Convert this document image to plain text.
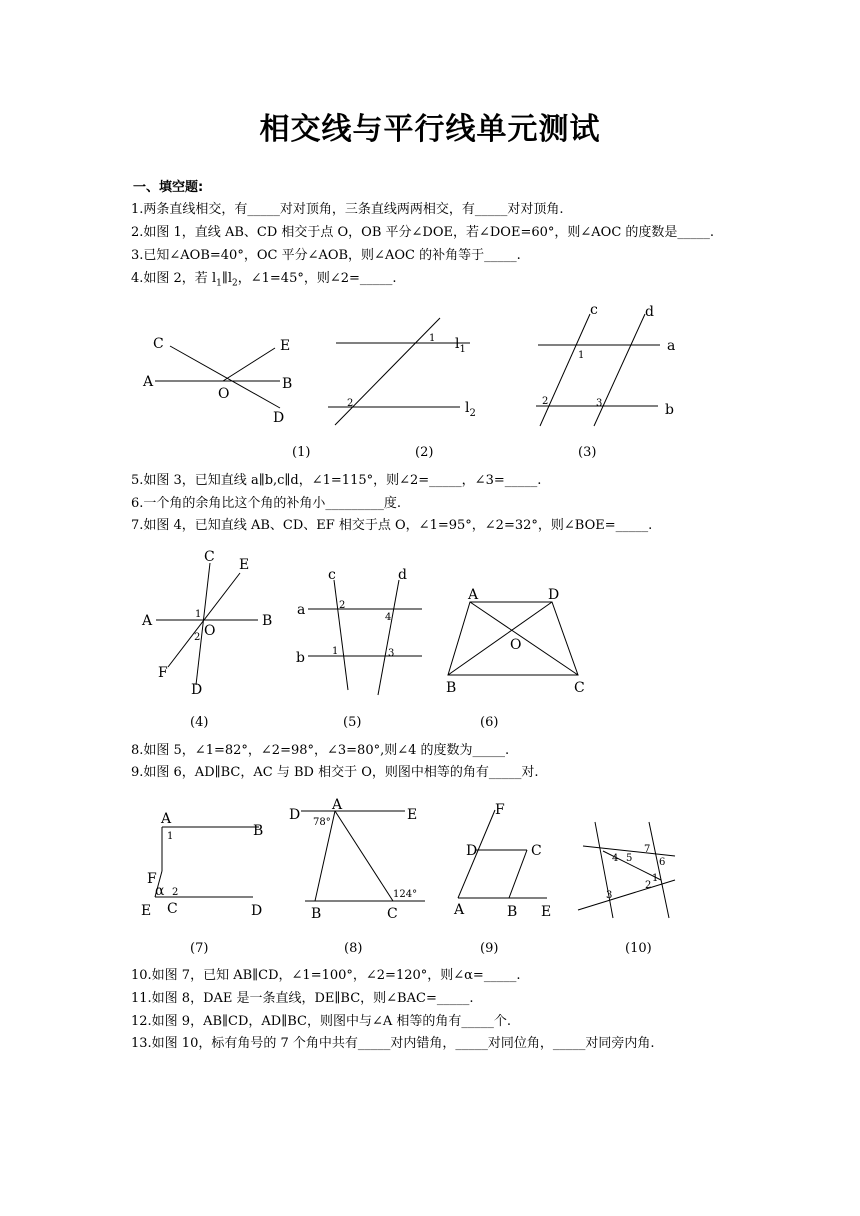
相交线与平行线单元测试
一、填空题:
1.两条直线相交，有_____对对顶角，三条直线两两相交，有_____对对顶角.
2.如图 1，直线 AB、CD 相交于点 O，OB 平分∠DOE，若∠DOE=60°，则∠AOC 的度数是_____.
3.已知∠AOB=40°，OC 平分∠AOB，则∠AOC 的补角等于_____.
4.如图 2，若 $l_1\parallel l_2$，∠1=45°，则∠2=_____.
C	E
A
O
B
D
1
2
$l_1$
$l_2$
c	d
a
b
1
2	3
(1)	(2)	(3)
5.如图 3，已知直线 a∥b,c∥d，∠1=115°，则∠2=_____，∠3=_____.
6.一个角的余角比这个角的补角小_________度.
7.如图 4，已知直线 AB、CD、EF 相交于点 O，∠1=95°，∠2=32°，则∠BOE=_____.
C E
A	B
O
F
D
1
2
c	d
a
b
2
4
1	3
A	D
O
B	C
(4)	(5)	(6)
8.如图 5，∠1=82°，∠2=98°，∠3=80°,则∠4 的度数为_____.
9.如图 6，AD∥BC，AC 与 BD 相交于 O，则图中相等的角有_____对.
A
B
1
F
α 2
E C	D
D
A
E
78°
124°
B	C
F
D	C
A	B E
4 5
7
6
1
2
3
(7)	(8)	(9)	(10)
10.如图 7，已知 AB∥CD，∠1=100°，∠2=120°，则∠α=_____.
11.如图 8，DAE 是一条直线，DE∥BC，则∠BAC=_____.
12.如图 9，AB∥CD，AD∥BC，则图中与∠A 相等的角有_____个.
13.如图 10，标有角号的 7 个角中共有_____对内错角，_____对同位角，_____对同旁内角.
